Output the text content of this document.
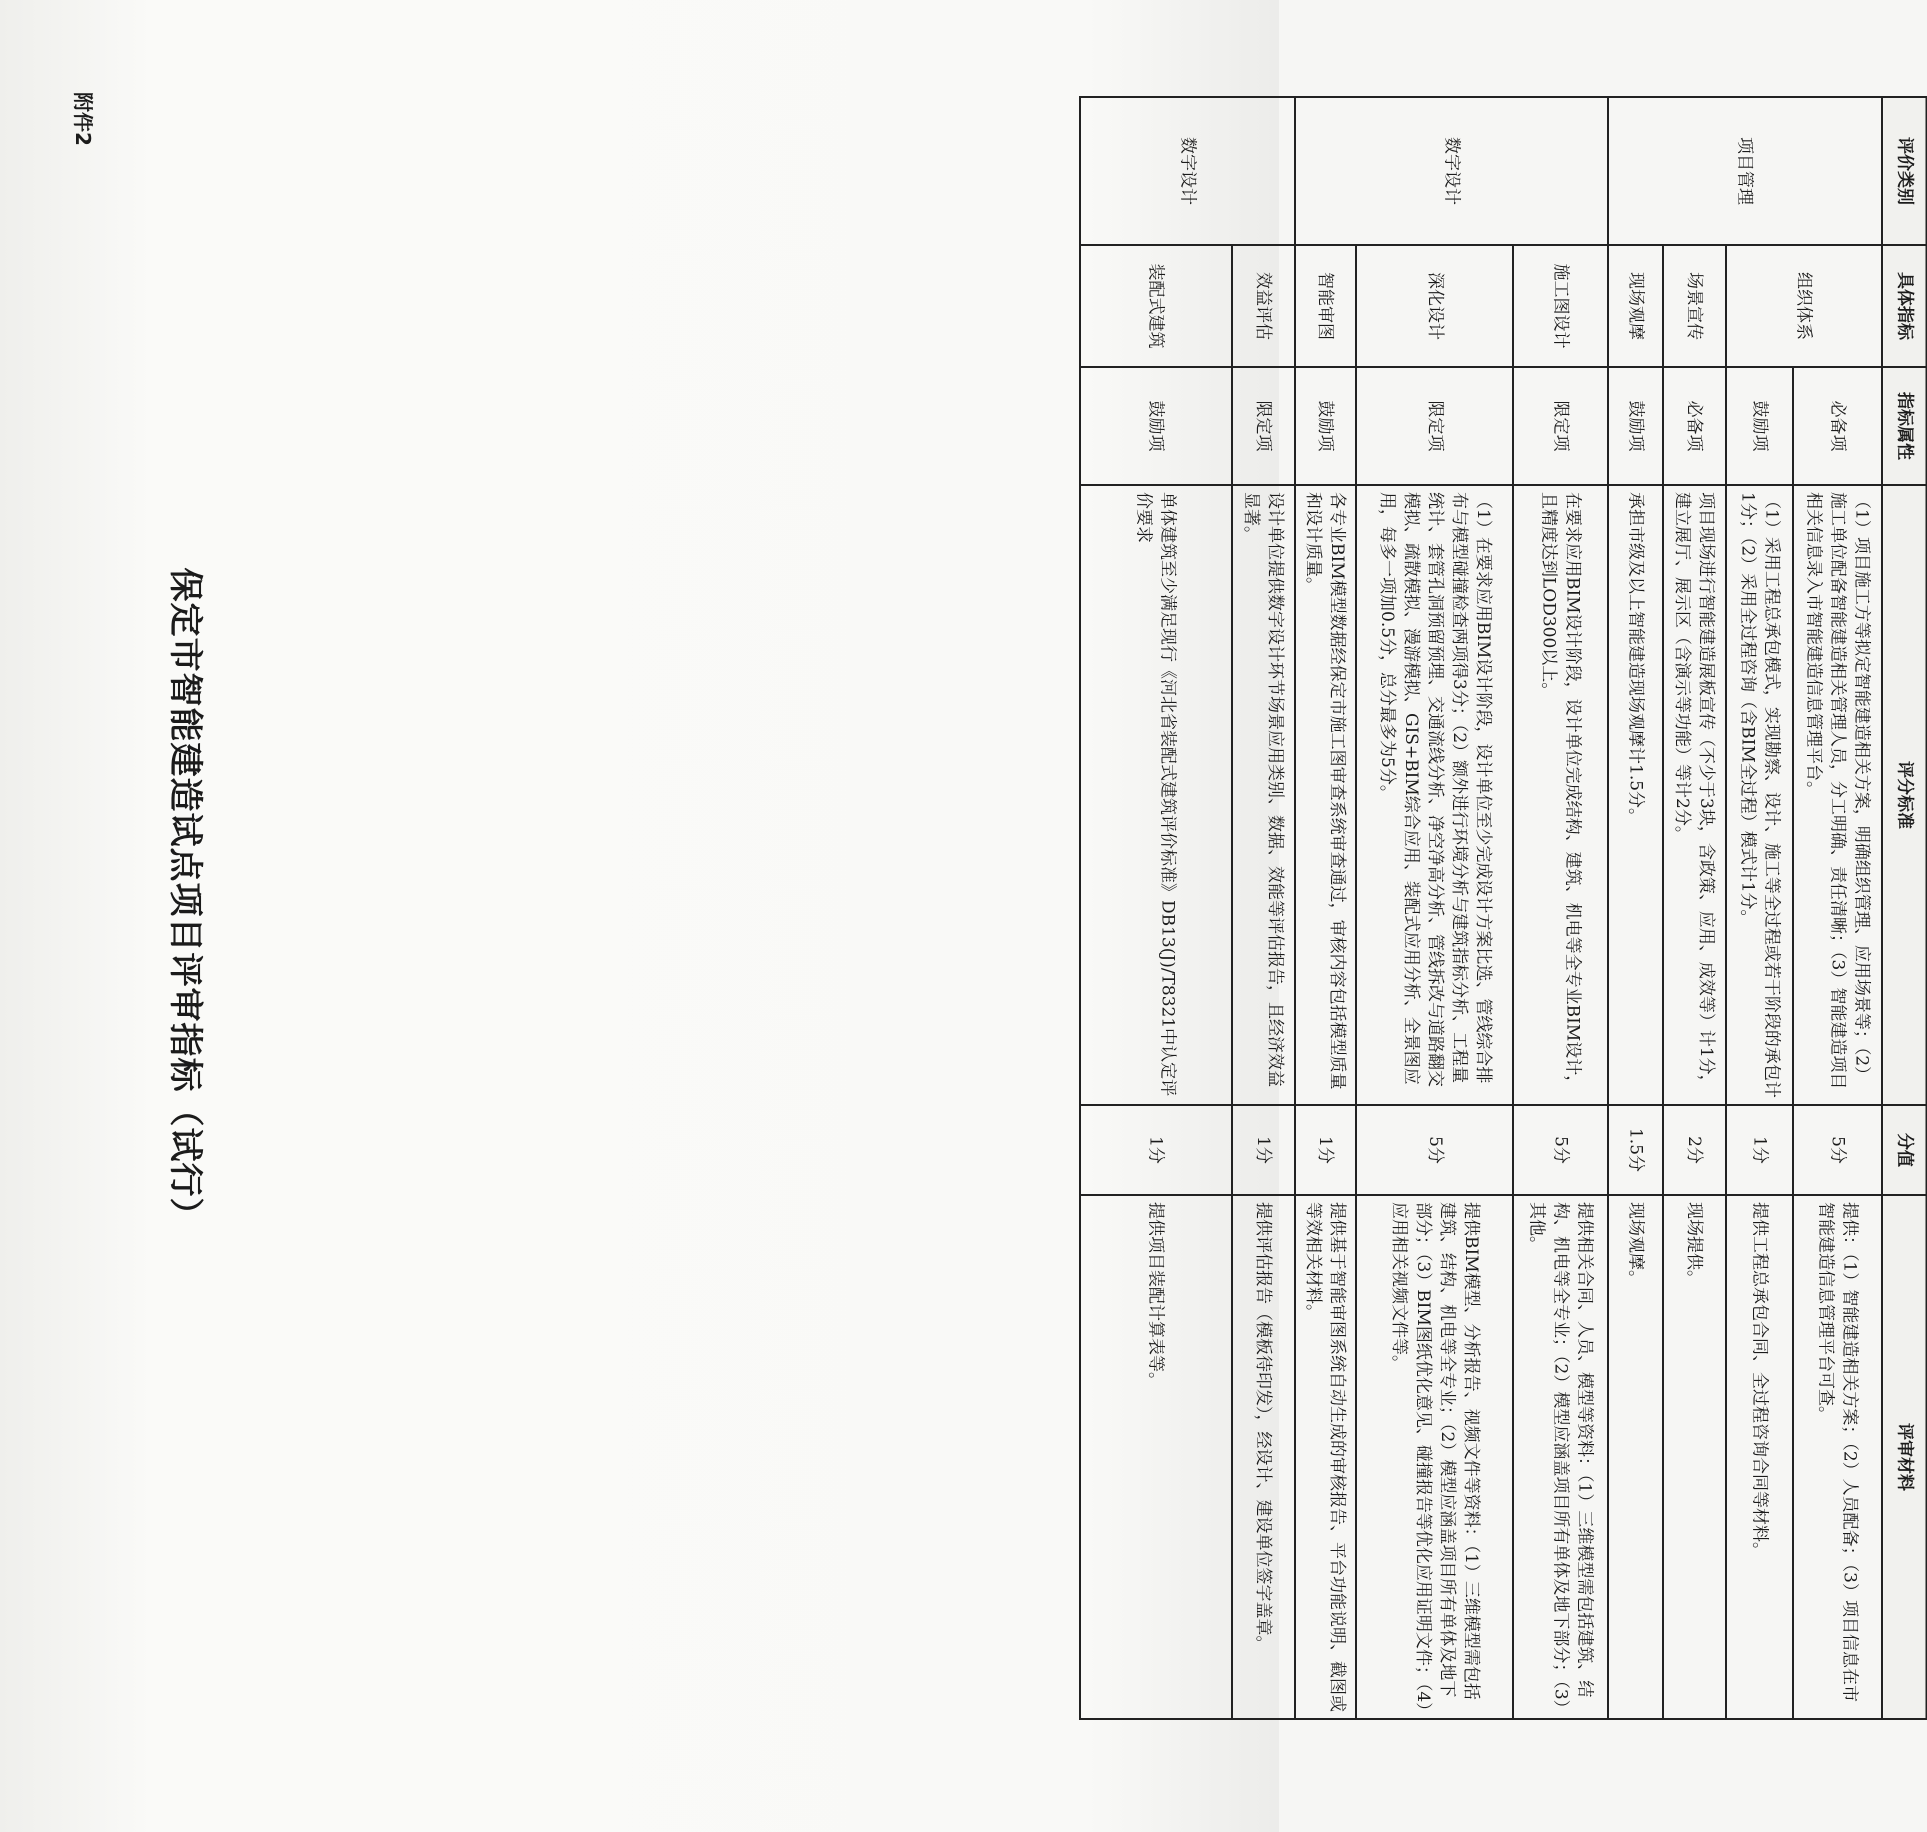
附件2
保定市智能建造试点项目评审指标（试行）
数字设计	装配式建筑	鼓励项	单体建筑至少满足现行《河北省装配式建筑评价标准》DB13(J)/T8321中认定评价要求	1分	提供项目装配计算表等。
	效益评估	限定项	设计单位提供数字设计环节场景应用类别、数据、效能等评估报告，且经济效益显著。	1分	提供评估报告（模板待印发），经设计、建设单位签字盖章。
数字设计	智能审图	鼓励项	各专业BIM模型数据经保定市施工图审查系统审查通过，审核内容包括模型质量和设计质量。	1分	提供基于智能审图系统自动生成的审核报告、平台功能说明、截图或等效相关材料。
	深化设计	限定项	（1）在要求应用BIM设计阶段，设计单位至少完成设计方案比选、管线综合排布与模型碰撞检查两项得3分；（2）额外进行环境分析与建筑指标分析、工程量统计、套管孔洞预留预埋、交通流线分析、净空净高分析、管线拆改与道路翻交模拟、疏散模拟、漫游模拟、GIS+BIM综合应用、装配式应用分析、全景图应用，每多一项加0.5分，总分最多为5分。	5分	提供BIM模型、分析报告、视频文件等资料：（1）三维模型需包括建筑、结构、机电等全专业；（2）模型应涵盖项目所有单体及地下部分；（3）BIM图纸优化意见、碰撞报告等优化应用证明文件；（4）应用相关视频文件等。
	施工图设计	限定项	在要求应用BIM设计阶段，设计单位完成结构、建筑、机电等全专业BIM设计，且精度达到LOD300以上。	5分	提供相关合同、人员、模型等资料：（1）三维模型需包括建筑、结构、机电等全专业；（2）模型应涵盖项目所有单体及地下部分；（3）其他。
项目管理	现场观摩	鼓励项	承担市级及以上智能建造现场观摩计1.5分。	1.5分	现场观摩。
	场景宣传	必备项	项目现场进行智能建造展板宣传（不少于3块，含政策、应用、成效等）计1分，建立展厅、展示区（含演示等功能）等计2分。	2分	现场提供。
	组织体系	鼓励项	（1）采用工程总承包模式，实现勘察、设计、施工等全过程或若干阶段的承包计1分；（2）采用全过程咨询（含BIM全过程）模式计1分。	1分	提供工程总承包合同、全过程咨询合同等材料。
		必备项	（1）项目施工方等拟定智能建造相关方案，明确组织管理、应用场景等；（2）施工单位配备智能建造相关管理人员，分工明确、责任清晰；（3）智能建造项目相关信息录入市智能建造信息管理平台。	5分	提供：（1）智能建造相关方案；（2）人员配备；（3）项目信息在市智能建造信息管理平台可查。
评价类别	具体指标	指标属性	评分标准	分值	评审材料
